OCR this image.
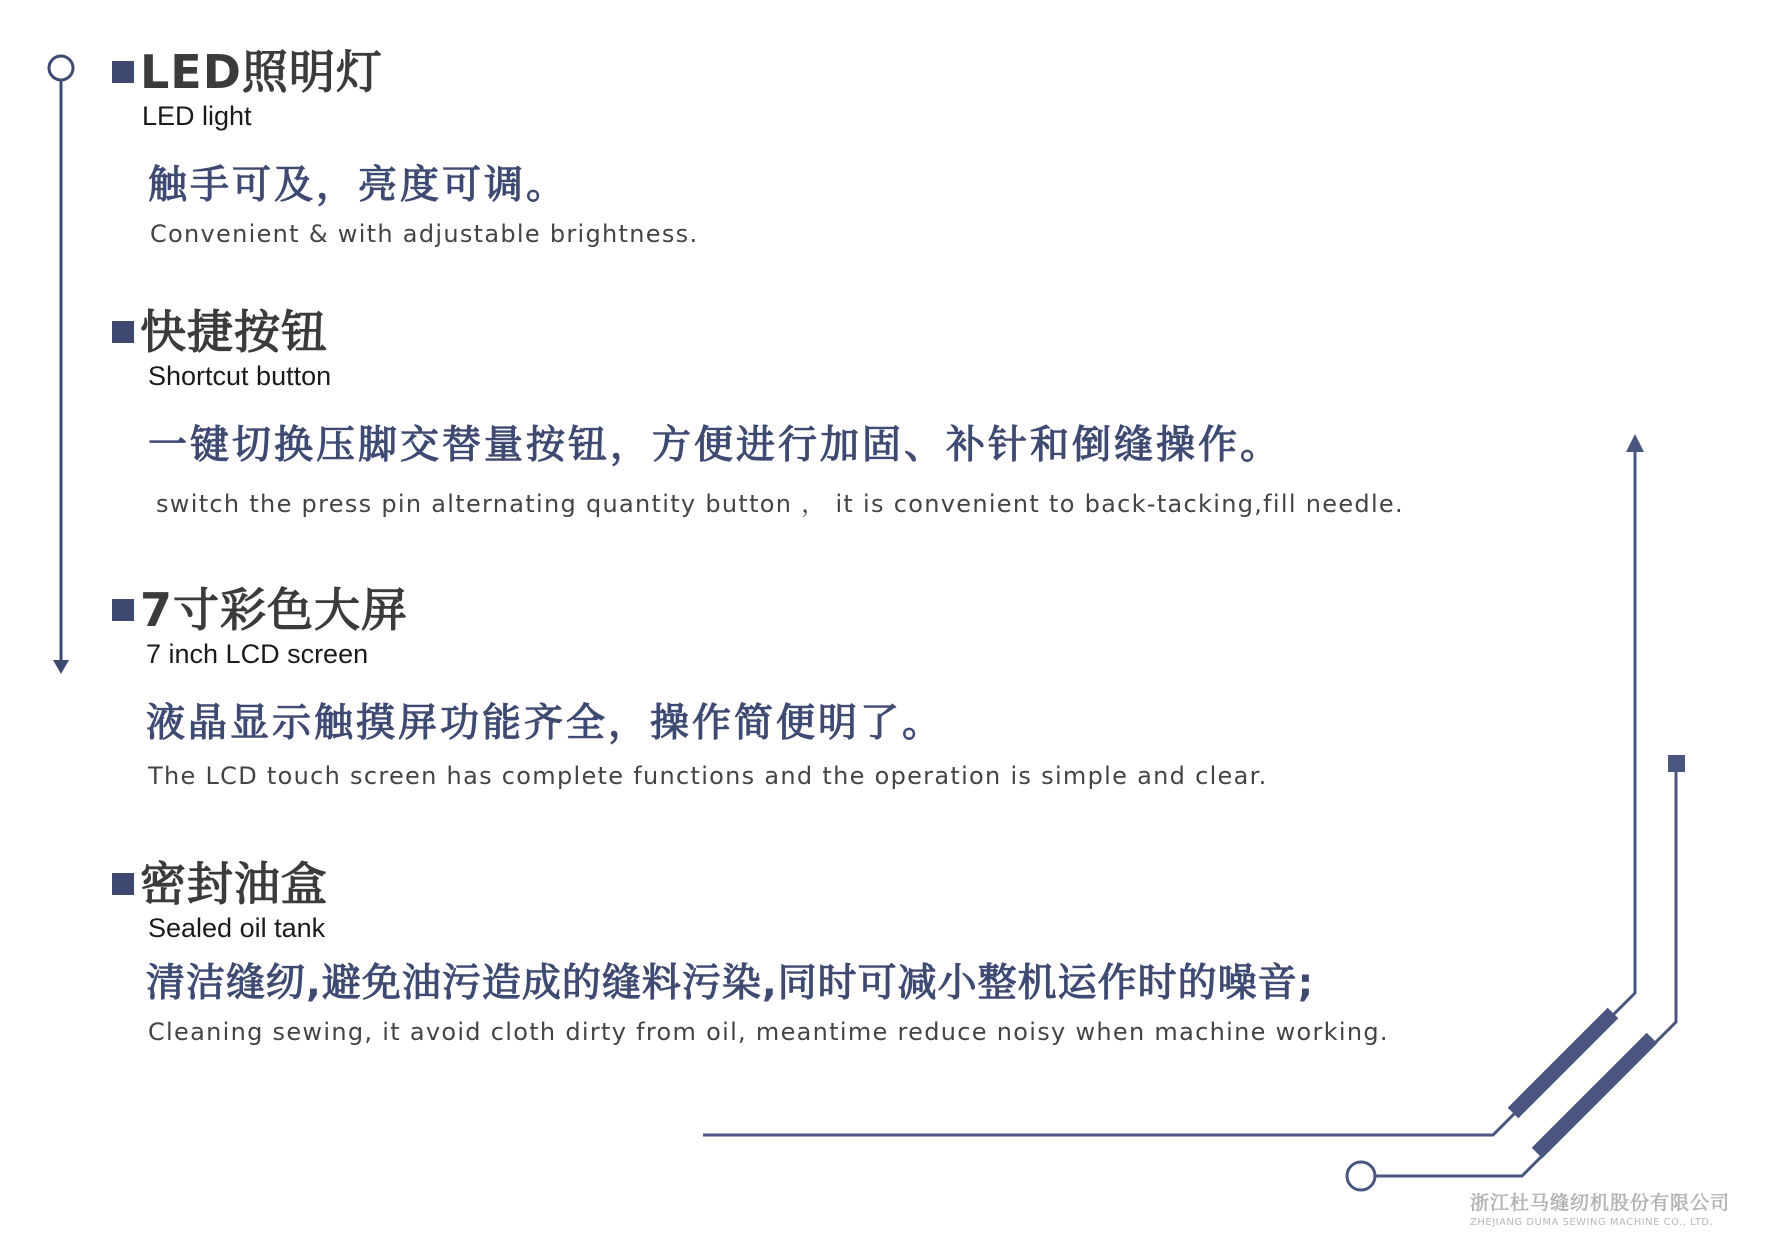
LED照明灯
LED light
触手可及，亮度可调。
Convenient & with adjustable brightness.
快捷按钮
Shortcut button
一键切换压脚交替量按钮，方便进行加固、补针和倒缝操作。
switch the press pin alternating quantity button ， it is convenient to back-tacking,fill needle.
7寸彩色大屏
7 inch LCD screen
液晶显示触摸屏功能齐全，操作简便明了。
The LCD touch screen has complete functions and the operation is simple and clear.
密封油盒
Sealed oil tank
清洁缝纫,避免油污造成的缝料污染,同时可减小整机运作时的噪音;
Cleaning sewing, it avoid cloth dirty from oil, meantime reduce noisy when machine working.
浙江杜马缝纫机股份有限公司
ZHEJIANG DUMA SEWING MACHINE CO., LTD.
